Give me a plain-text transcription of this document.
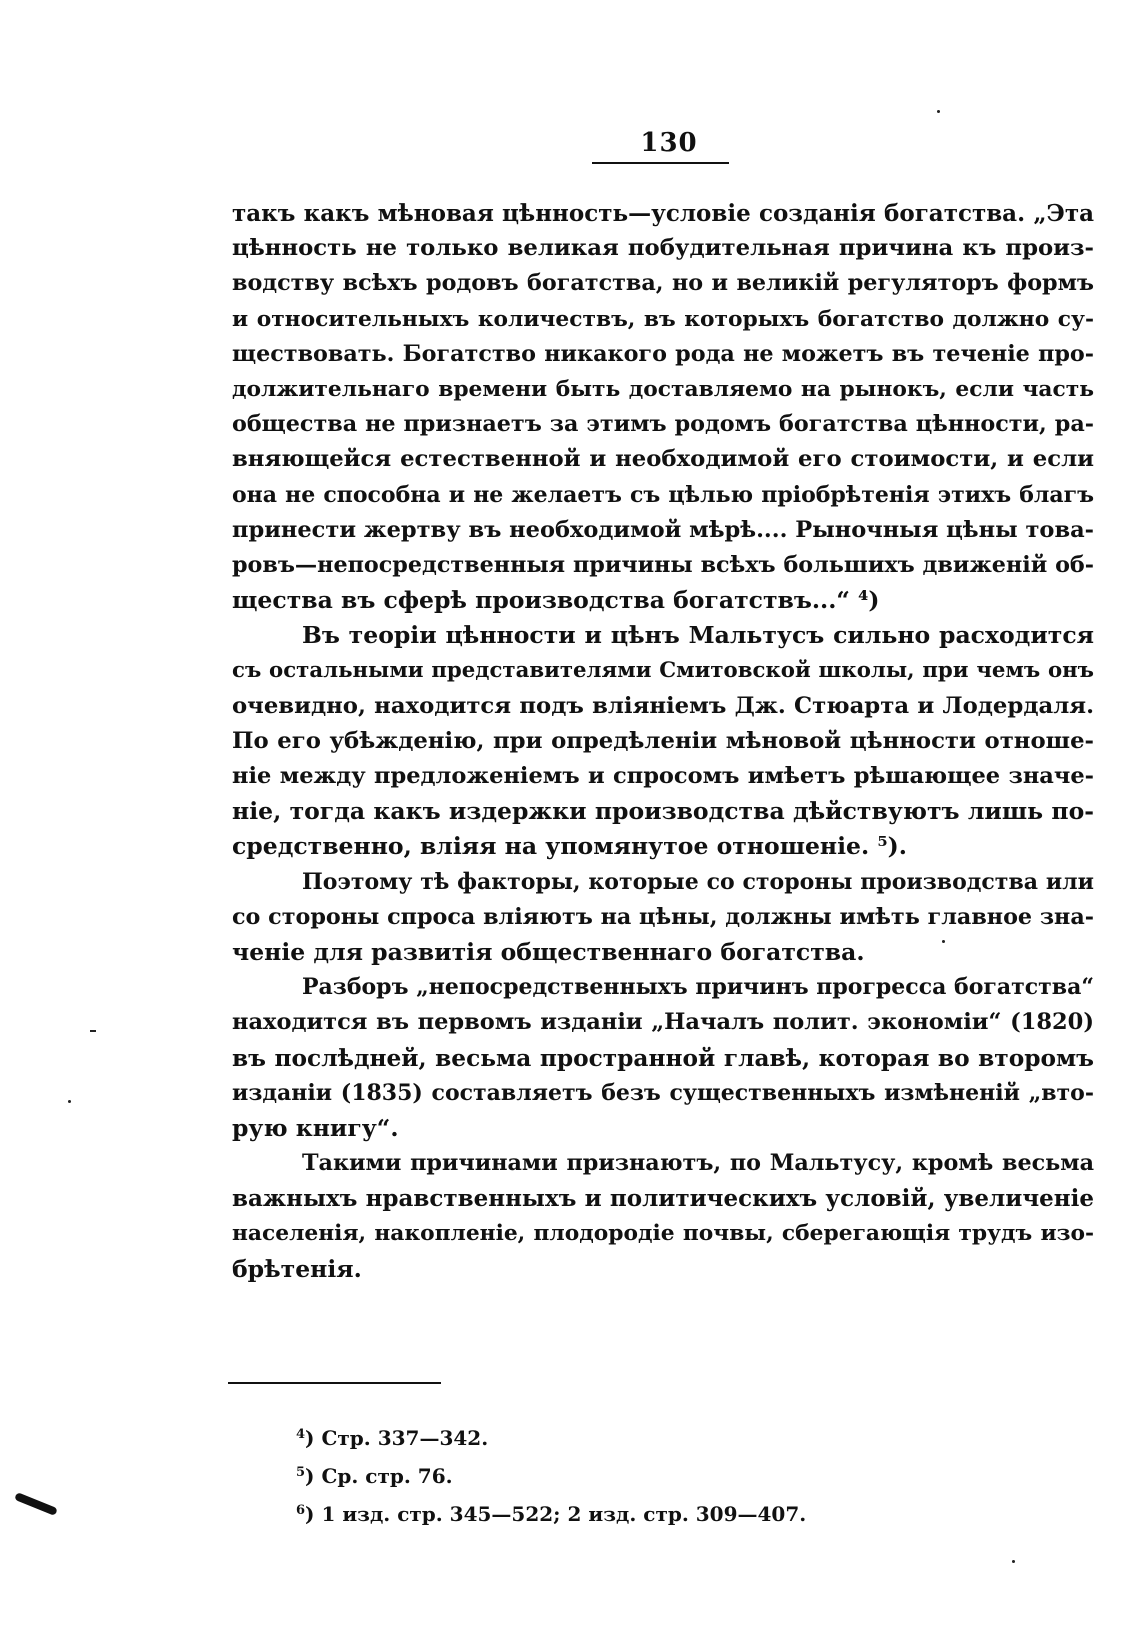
130
такъ какъ мѣновая цѣнность—условіе созданія богатства. „Эта
цѣнность не только великая побудительная причина къ произ-
водству всѣхъ родовъ богатства, но и великій регуляторъ формъ
и относительныхъ количествъ, въ которыхъ богатство должно су-
ществовать. Богатство никакого рода не можетъ въ теченіе про-
должительнаго времени быть доставляемо на рынокъ, если часть
общества не признаетъ за этимъ родомъ богатства цѣнности, ра-
вняющейся естественной и необходимой его стоимости, и если
она не способна и не желаетъ съ цѣлью пріобрѣтенія этихъ благъ
принести жертву въ необходимой мѣрѣ.... Рыночныя цѣны това-
ровъ—непосредственныя причины всѣхъ большихъ движеній об-
щества въ сферѣ производства богатствъ...“ ⁴)
Въ теоріи цѣнности и цѣнъ Мальтусъ сильно расходится
съ остальными представителями Смитовской школы, при чемъ онъ
очевидно, находится подъ вліяніемъ Дж. Стюарта и Лодердаля.
По его убѣжденію, при опредѣленіи мѣновой цѣнности отноше-
ніе между предложеніемъ и спросомъ имѣетъ рѣшающее значе-
ніе, тогда какъ издержки производства дѣйствуютъ лишь по-
средственно, вліяя на упомянутое отношеніе. ⁵).
Поэтому тѣ факторы, которые со стороны производства или
со стороны спроса вліяютъ на цѣны, должны имѣть главное зна-
ченіе для развитія общественнаго богатства.
Разборъ „непосредственныхъ причинъ прогресса богатства“
находится въ первомъ изданіи „Началъ полит. экономіи“ (1820)
въ послѣдней, весьма пространной главѣ, которая во второмъ
изданіи (1835) составляетъ безъ существенныхъ измѣненій „вто-
рую книгу“.
Такими причинами признаютъ, по Мальтусу, кромѣ весьма
важныхъ нравственныхъ и политическихъ условій, увеличеніе
населенія, накопленіе, плодородіе почвы, сберегающія трудъ изо-
брѣтенія.
$^4$) Стр. 337—342.
$^5$) Ср. стр. 76.
$^6$) 1 изд. стр. 345—522; 2 изд. стр. 309—407.
